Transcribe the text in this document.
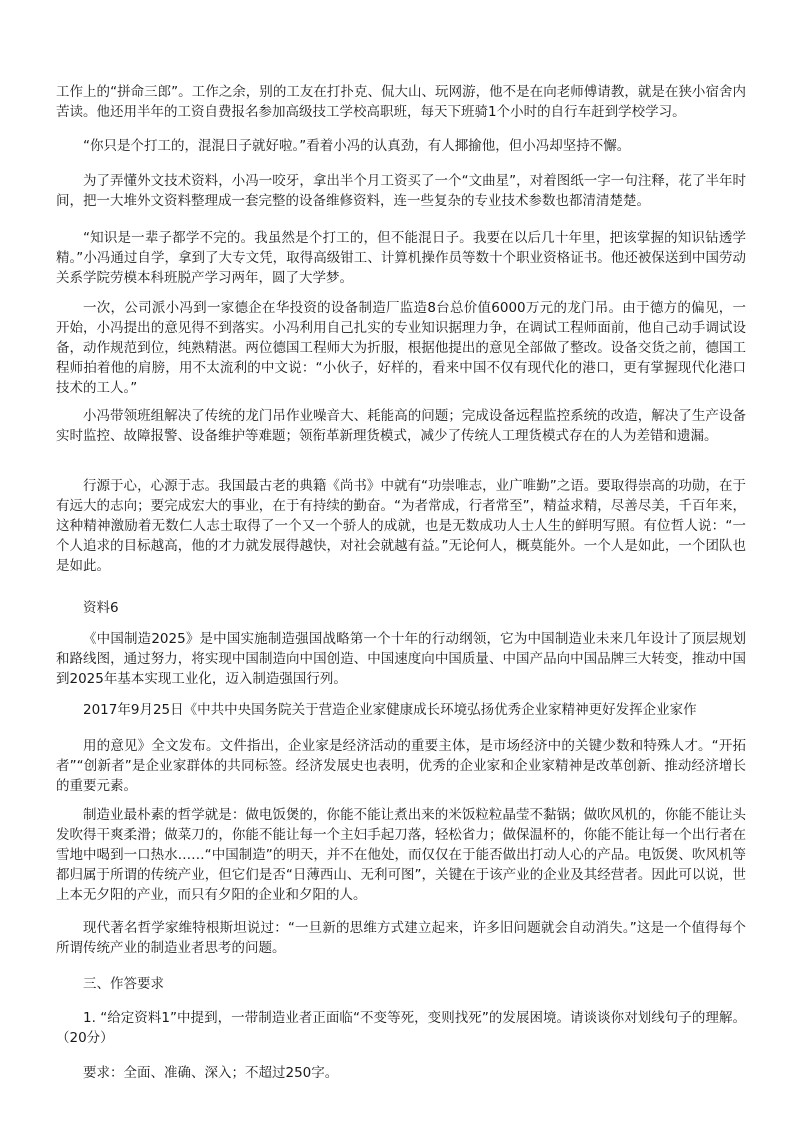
工作上的“拼命三郎”。工作之余，别的工友在打扑克、侃大山、玩网游，他不是在向老师傅请教，就是在狭小宿舍内苦读。他还用半年的工资自费报名参加高级技工学校高职班，每天下班骑1个小时的自行车赶到学校学习。

“你只是个打工的，混混日子就好啦。”看着小冯的认真劲，有人揶揄他，但小冯却坚持不懈。

为了弄懂外文技术资料，小冯一咬牙，拿出半个月工资买了一个“文曲星”，对着图纸一字一句注释，花了半年时间，把一大堆外文资料整理成一套完整的设备维修资料，连一些复杂的专业技术参数也都清清楚楚。

“知识是一辈子都学不完的。我虽然是个打工的，但不能混日子。我要在以后几十年里，把该掌握的知识钻透学精。”小冯通过自学，拿到了大专文凭，取得高级钳工、计算机操作员等数十个职业资格证书。他还被保送到中国劳动关系学院劳模本科班脱产学习两年，圆了大学梦。

一次，公司派小冯到一家德企在华投资的设备制造厂监造8台总价值6000万元的龙门吊。由于德方的偏见，一开始，小冯提出的意见得不到落实。小冯利用自己扎实的专业知识据理力争，在调试工程师面前，他自己动手调试设备，动作规范到位，纯熟精湛。两位德国工程师大为折服，根据他提出的意见全部做了整改。设备交货之前，德国工程师拍着他的肩膀，用不太流利的中文说：“小伙子，好样的，看来中国不仅有现代化的港口，更有掌握现代化港口技术的工人。”

小冯带领班组解决了传统的龙门吊作业噪音大、耗能高的问题；完成设备远程监控系统的改造，解决了生产设备实时监控、故障报警、设备维护等难题；领衔革新理货模式，减少了传统人工理货模式存在的人为差错和遗漏。

行源于心，心源于志。我国最古老的典籍《尚书》中就有“功崇唯志，业广唯勤”之语。要取得崇高的功勋，在于有远大的志向；要完成宏大的事业，在于有持续的勤奋。“为者常成，行者常至”，精益求精，尽善尽美，千百年来，这种精神激励着无数仁人志士取得了一个又一个骄人的成就，也是无数成功人士人生的鲜明写照。有位哲人说：“一个人追求的目标越高，他的才力就发展得越快，对社会就越有益。”无论何人，概莫能外。一个人是如此，一个团队也是如此。

资料6

《中国制造2025》是中国实施制造强国战略第一个十年的行动纲领，它为中国制造业未来几年设计了顶层规划和路线图，通过努力，将实现中国制造向中国创造、中国速度向中国质量、中国产品向中国品牌三大转变，推动中国到2025年基本实现工业化，迈入制造强国行列。

2017年9月25日《中共中央国务院关于营造企业家健康成长环境弘扬优秀企业家精神更好发挥企业家作

用的意见》全文发布。文件指出，企业家是经济活动的重要主体，是市场经济中的关键少数和特殊人才。“开拓者”“创新者”是企业家群体的共同标签。经济发展史也表明，优秀的企业家和企业家精神是改革创新、推动经济增长的重要元素。

制造业最朴素的哲学就是：做电饭煲的，你能不能让煮出来的米饭粒粒晶莹不黏锅；做吹风机的，你能不能让头发吹得干爽柔滑；做菜刀的，你能不能让每一个主妇手起刀落，轻松省力；做保温杯的，你能不能让每一个出行者在雪地中喝到一口热水……“中国制造”的明天，并不在他处，而仅仅在于能否做出打动人心的产品。电饭煲、吹风机等都归属于所谓的传统产业，但它们是否“日薄西山、无利可图”，关键在于该产业的企业及其经营者。因此可以说，世上本无夕阳的产业，而只有夕阳的企业和夕阳的人。

现代著名哲学家维特根斯坦说过：“一旦新的思维方式建立起来，许多旧问题就会自动消失。”这是一个值得每个所谓传统产业的制造业者思考的问题。

三、作答要求

1. “给定资料1”中提到，一带制造业者正面临“不变等死，变则找死”的发展困境。请谈谈你对划线句子的理解。（20分）

要求：全面、准确、深入；不超过250字。
